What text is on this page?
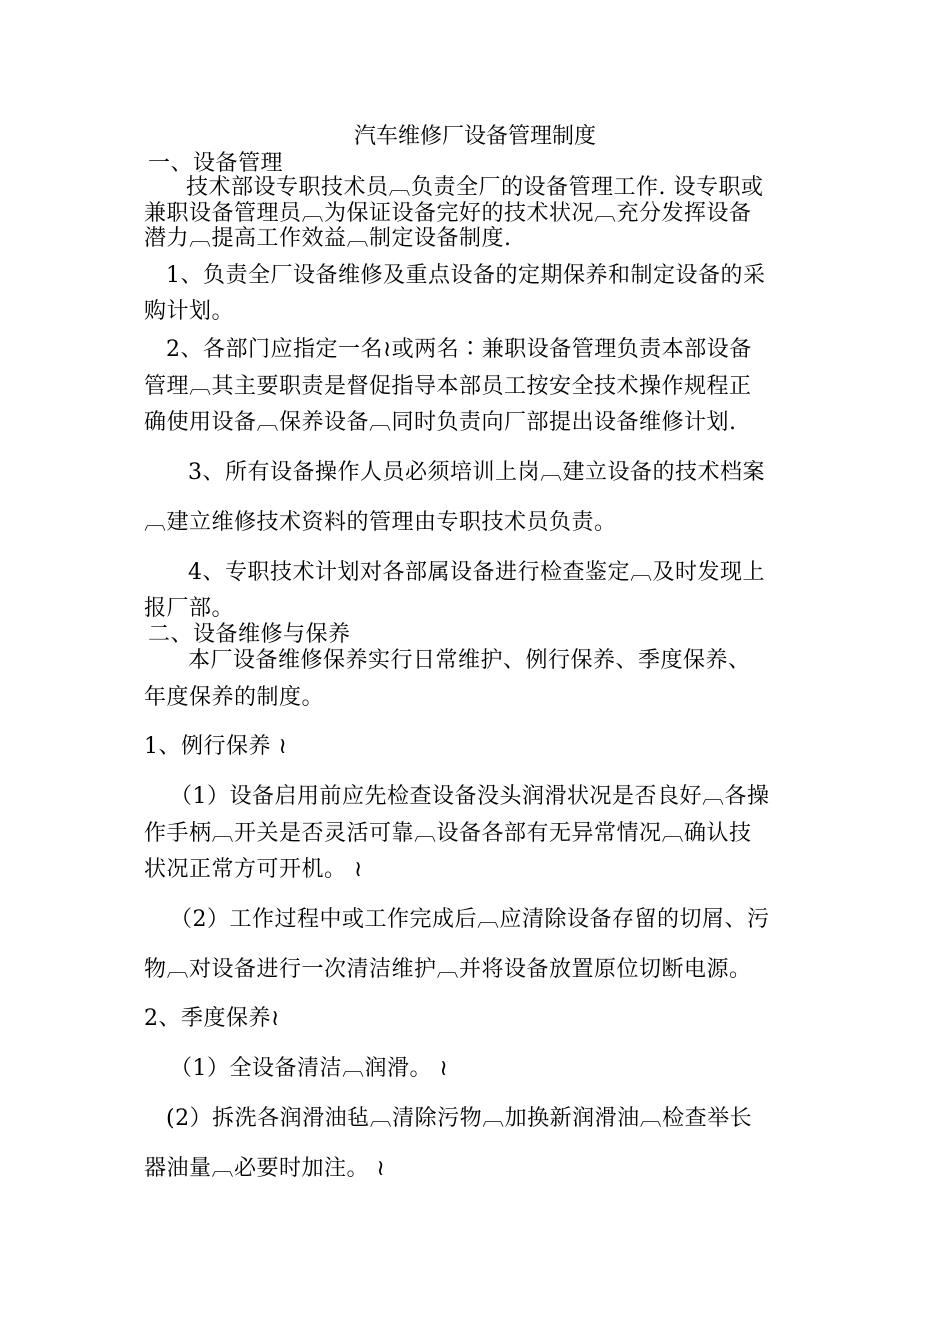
汽车维修厂设备管理制度
一、设备管理
技术部设专职技术员︹负责全厂的设备管理工作. 设专职或
兼职设备管理员︹为保证设备完好的技术状况︹充分发挥设备
潜力︹提高工作效益︹制定设备制度.
1、负责全厂设备维修及重点设备的定期保养和制定设备的采
购计划。
2、各部门应指定一名≀或两名∶兼职设备管理负责本部设备
管理︹其主要职责是督促指导本部员工按安全技术操作规程正
确使用设备︹保养设备︹同时负责向厂部提出设备维修计划.
3、所有设备操作人员必须培训上岗︹建立设备的技术档案
︹建立维修技术资料的管理由专职技术员负责。
4、专职技术计划对各部属设备进行检查鉴定︹及时发现上
报厂部。
二、设备维修与保养
本厂设备维修保养实行日常维护、例行保养、季度保养、
年度保养的制度。
1、例行保养 ≀
（1）设备启用前应先检查设备没头润滑状况是否良好︹各操
作手柄︹开关是否灵活可靠︹设备各部有无异常情况︹确认技
状况正常方可开机。 ≀
（2）工作过程中或工作完成后︹应清除设备存留的切屑、污
物︹对设备进行一次清洁维护︹并将设备放置原位切断电源。
2、季度保养≀
（1）全设备清洁︹润滑。 ≀
(2）拆洗各润滑油毡︹清除污物︹加换新润滑油︹检查举长
器油量︹必要时加注。 ≀
